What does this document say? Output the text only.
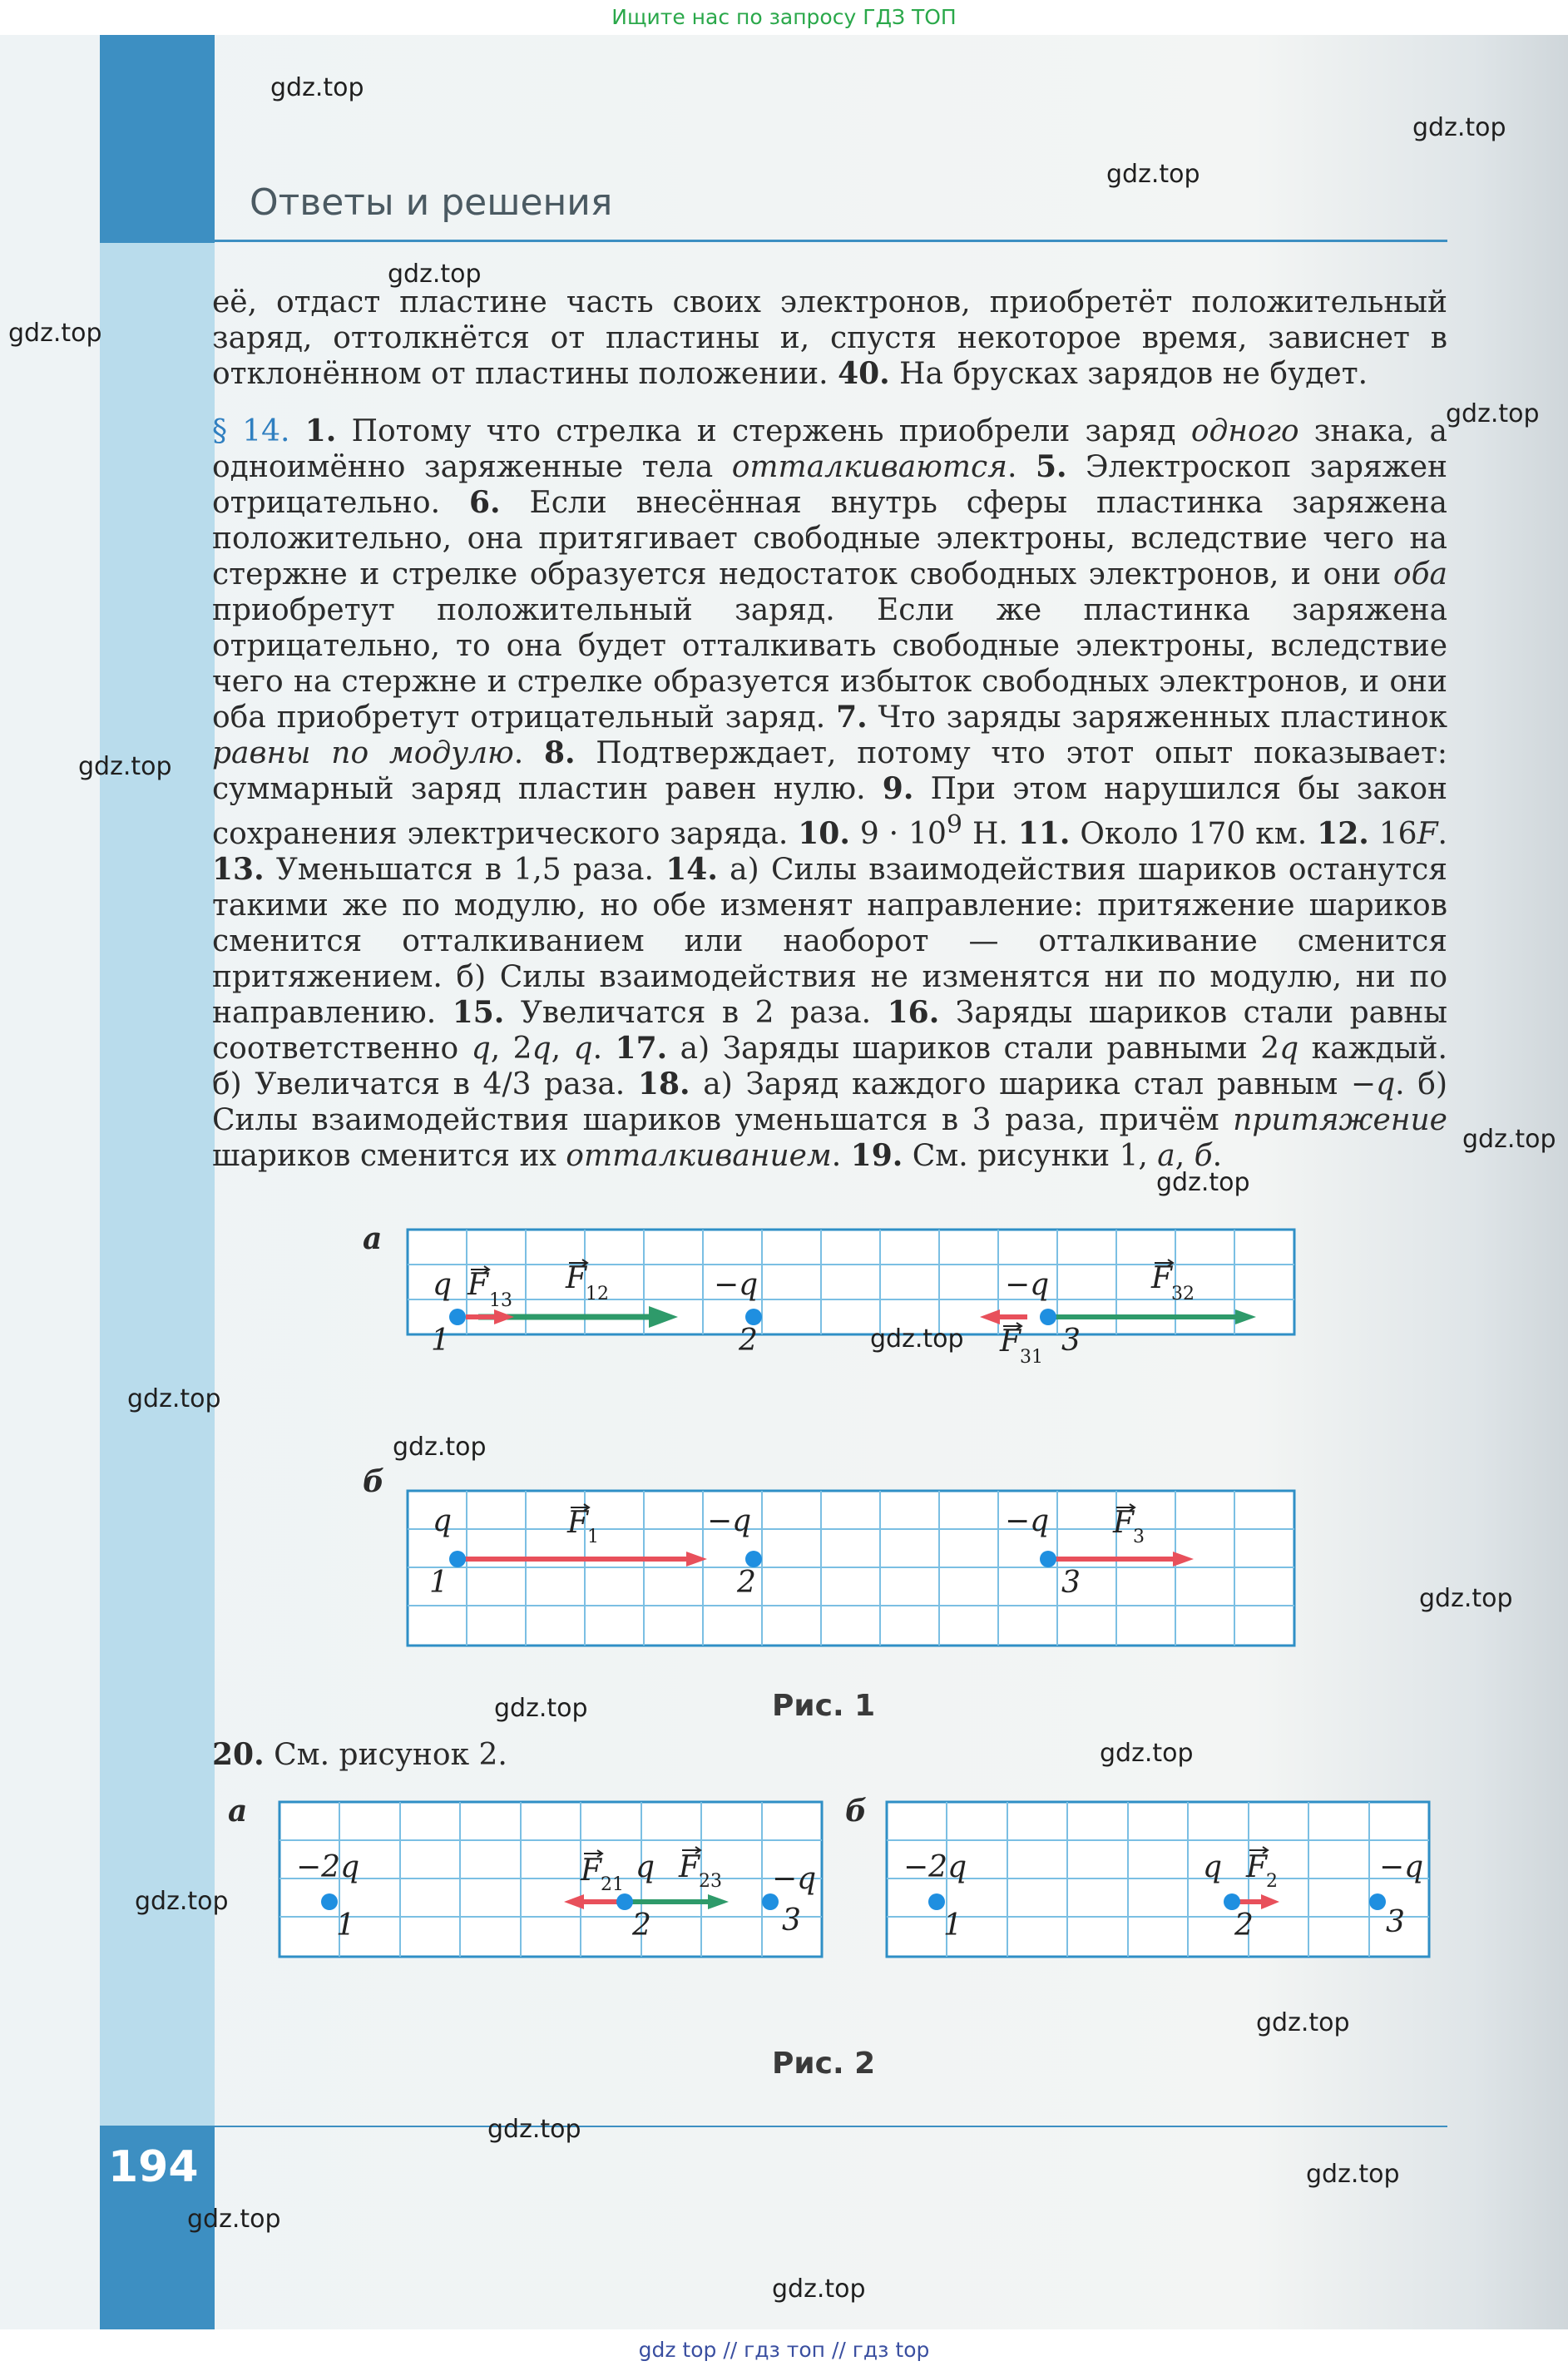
Ищите нас по запросу ГДЗ ТОП
194
Ответы и решения
её, отдаст пластине часть своих электронов, приобретёт положительный заряд, оттолкнётся от пластины и, спустя некоторое время, зависнет в отклонённом от пластины положении. 40. На брусках зарядов не будет.
§ 14. 1. Потому что стрелка и стержень приобрели заряд одного знака, а одноимённо заряженные тела отталкиваются. 5. Электроскоп заряжен отрицательно. 6. Если внесённая внутрь сферы пластинка заряжена положительно, она притягивает свободные электроны, вследствие чего на стержне и стрелке образуется недостаток свободных электронов, и они оба приобретут положительный заряд. Если же пластинка заряжена отрицательно, то она будет отталкивать свободные электроны, вследствие чего на стержне и стрелке образуется избыток свободных электронов, и они оба приобретут отрицательный заряд. 7. Что заряды заряженных пластинок равны по модулю. 8. Подтверждает, потому что этот опыт показывает: суммарный заряд пластин равен нулю. 9. При этом нарушился бы закон сохранения электрического заряда. 10. $9 \cdot 10^9$ Н. 11. Около 170 км. 12. 16F. 13. Уменьшатся в 1,5 раза. 14. а) Силы взаимодействия шариков останутся такими же по модулю, но обе изменят направление: притяжение шариков сменится отталкиванием или наоборот — отталкивание сменится притяжением. б) Силы взаимодействия не изменятся ни по модулю, ни по направлению. 15. Увеличатся в 2 раза. 16. Заряды шариков стали равны соответственно q, 2q, q. 17. а) Заряды шариков стали равными 2q каждый. б) Увеличатся в 4/3 раза. 18. а) Заряд каждого шарика стал равным −q. б) Силы взаимодействия шариков уменьшатся в 3 раза, причём притяжение шариков сменится их отталкиванием. 19. См. рисунки 1, а, б.
а
q	−q	−q
1	2	3
F 13
F 12
F 31
F 32
б
q	−q	−q
1	2	3
F 1	F 3
Рис. 1
20. См. рисунок 2.
а
−2q	q	−q
1	2	3
F 21
F 23
б
−2q	q	−q
1	2	3
F 2
Рис. 2
gdz.top
gdz.top
gdz.top
gdz.top
gdz.top
gdz.top
gdz.top
gdz.top
gdz.top
gdz.top
gdz.top
gdz.top
gdz.top
gdz.top
gdz.top
gdz.top
gdz.top
gdz.top
gdz.top
gdz.top
gdz.top
gdz top // гдз топ // гдз top
